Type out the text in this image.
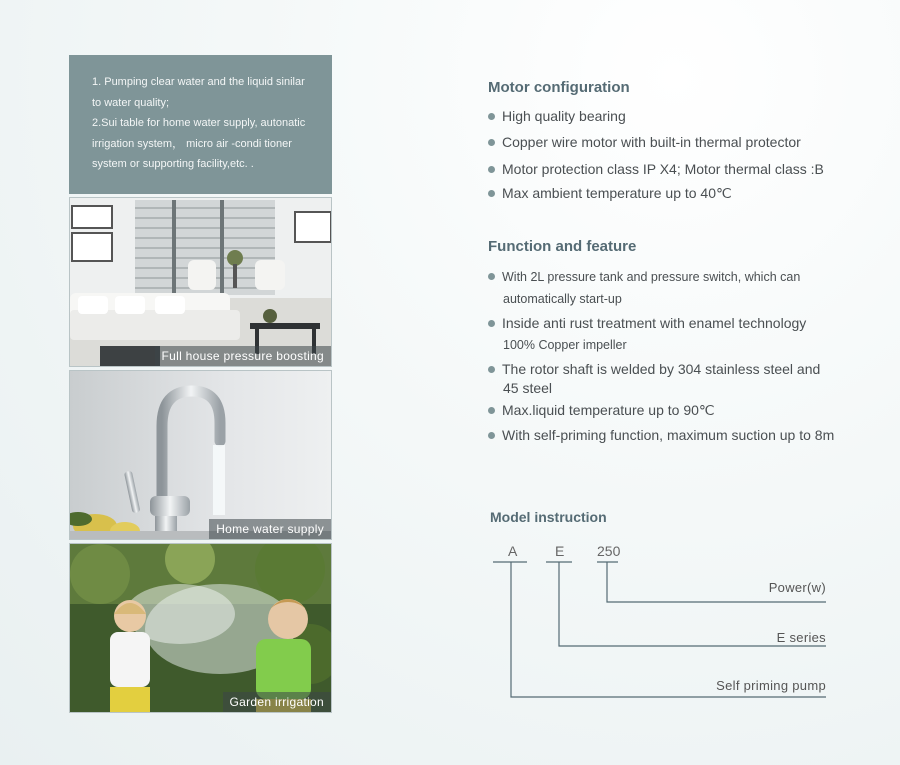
1. Pumping clear water and the liquid sinilar

to water quality;

2.Sui table for home water supply, autonatic

irrigation system， micro air -condi tioner

system or supporting facility,etc. .

Full house pressure boosting
Home water supply
Garden irrigation
Motor configuration
High quality bearing
Copper wire motor with built-in thermal protector
Motor protection class IP X4; Motor thermal class :B
Max ambient temperature up to 40℃
Function and feature
With 2L pressure tank and pressure switch, which can
automatically start-up
Inside anti rust treatment with enamel technology
100% Copper impeller
The rotor shaft is welded by 304 stainless steel and
45 steel
Max.liquid temperature up to 90℃
With self-priming function, maximum suction up to 8m
Model instruction
A	E 250
Power(w)
E series
Self priming pump
